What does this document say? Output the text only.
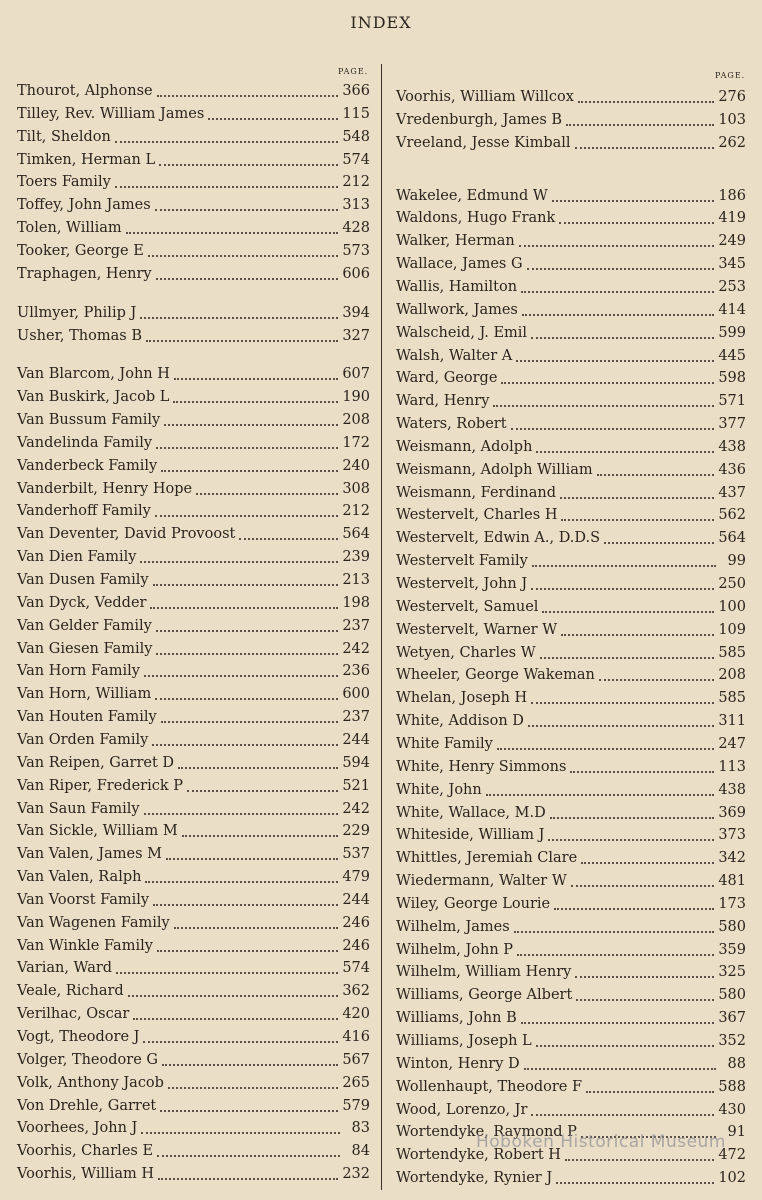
INDEX
PAGE.	PAGE.
Thourot, Alphonse	366
Tilley, Rev. William James	115
Tilt, Sheldon	548
Timken, Herman L	574
Toers Family	212
Toffey, John James	313
Tolen, William	428
Tooker, George E	573
Traphagen, Henry	606
Ullmyer, Philip J	394
Usher, Thomas B	327
Van Blarcom, John H	607
Van Buskirk, Jacob L	190
Van Bussum Family	208
Vandelinda Family	172
Vanderbeck Family	240
Vanderbilt, Henry Hope	308
Vanderhoff Family	212
Van Deventer, David Provoost	564
Van Dien Family	239
Van Dusen Family	213
Van Dyck, Vedder	198
Van Gelder Family	237
Van Giesen Family	242
Van Horn Family	236
Van Horn, William	600
Van Houten Family	237
Van Orden Family	244
Van Reipen, Garret D	594
Van Riper, Frederick P	521
Van Saun Family	242
Van Sickle, William M	229
Van Valen, James M	537
Van Valen, Ralph	479
Van Voorst Family	244
Van Wagenen Family	246
Van Winkle Family	246
Varian, Ward	574
Veale, Richard	362
Verilhac, Oscar	420
Vogt, Theodore J	416
Volger, Theodore G	567
Volk, Anthony Jacob	265
Von Drehle, Garret	579
Voorhees, John J	83
Voorhis, Charles E	84
Voorhis, William H	232
Voorhis, William Willcox	276
Vredenburgh, James B	103
Vreeland, Jesse Kimball	262
Wakelee, Edmund W	186
Waldons, Hugo Frank	419
Walker, Herman	249
Wallace, James G	345
Wallis, Hamilton	253
Wallwork, James	414
Walscheid, J. Emil	599
Walsh, Walter A	445
Ward, George	598
Ward, Henry	571
Waters, Robert	377
Weismann, Adolph	438
Weismann, Adolph William	436
Weismann, Ferdinand	437
Westervelt, Charles H	562
Westervelt, Edwin A., D.D.S	564
Westervelt Family	99
Westervelt, John J	250
Westervelt, Samuel	100
Westervelt, Warner W	109
Wetyen, Charles W	585
Wheeler, George Wakeman	208
Whelan, Joseph H	585
White, Addison D	311
White Family	247
White, Henry Simmons	113
White, John	438
White, Wallace, M.D	369
Whiteside, William J	373
Whittles, Jeremiah Clare	342
Wiedermann, Walter W	481
Wiley, George Lourie	173
Wilhelm, James	580
Wilhelm, John P	359
Wilhelm, William Henry	325
Williams, George Albert	580
Williams, John B	367
Williams, Joseph L	352
Winton, Henry D	88
Wollenhaupt, Theodore F	588
Wood, Lorenzo, Jr	430
Wortendyke, Raymond P	91
Wortendyke, Robert H	472
Wortendyke, Rynier J	102
Hoboken Historical Museum
